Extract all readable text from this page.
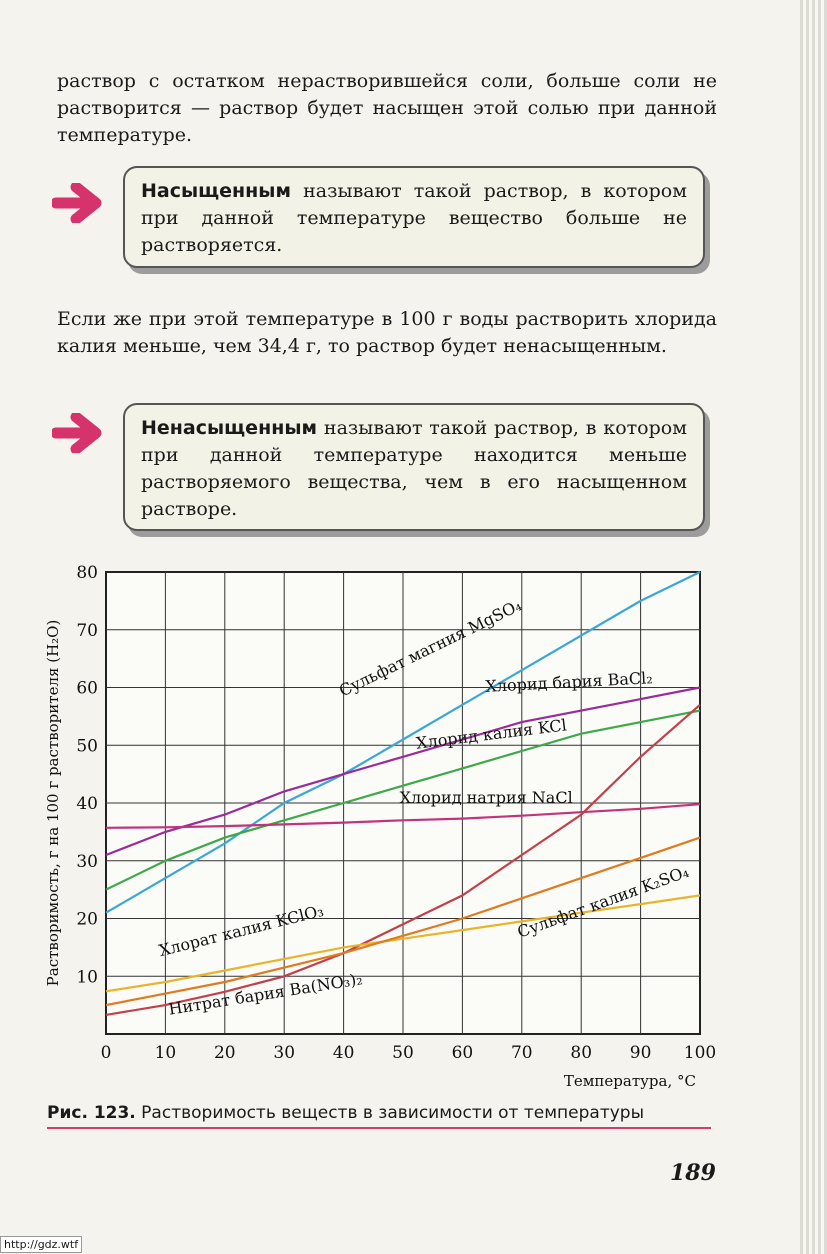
раствор с остатком нерастворившейся соли, больше соли не растворится — раствор будет насыщен этой солью при данной температуре.
Насыщенным называют такой раствор, в котором при данной температуре вещество больше не растворяется.
Если же при этой температуре в 100 г воды растворить хлорида калия меньше, чем 34,4 г, то раствор будет ненасыщенным.
Ненасыщенным называют такой раствор, в котором при данной температуре находится меньше растворяемого вещества, чем в его насыщенном растворе.
0	10 20 30 40 50 60 70 80 90 100
10
20
30
40
50
60
70
80
Сульфат магния MgSO₄
Хлорид бария BaCl₂
Хлорид калия KCl
Хлорид натрия NaCl
Хлорат калия KClO₃	Сульфат калия K₂SO₄
Нитрат бария Ba(NO₃)₂
Температура, °C
Растворимость, г на 100 г растворителя (H₂O)
Рис. 123. Растворимость веществ в зависимости от температуры
189
http://gdz.wtf
